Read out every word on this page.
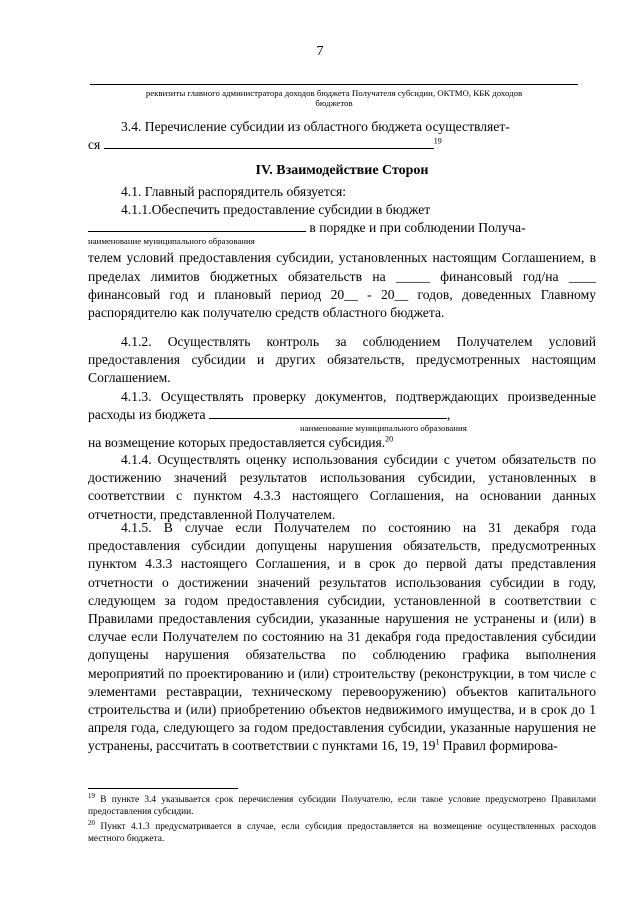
7
реквизиты главного администратора доходов бюджета Получателя субсидии, ОКТМО, КБК доходов
бюджетов

3.4. Перечисление субсидии из областного бюджета осуществляет-

ся	$^{19}$

IV. Взаимодействие Сторон

4.1. Главный распорядитель обязуется:

4.1.1.Обеспечить предоставление субсидии в бюджет

в порядке и при соблюдении Получа-

наименование муниципального образования

телем условий предоставления субсидии, установленных настоящим Соглашением, в пределах лимитов бюджетных обязательств на _____ финансовый год/на ____ финансовый год и плановый период 20__ - 20__ годов, доведенных Главному распорядителю как получателю средств областного бюджета.

4.1.2. Осуществлять контроль за соблюдением Получателем условий предоставления субсидии и других обязательств, предусмотренных настоящим Соглашением.

4.1.3. Осуществлять проверку документов, подтверждающих произведенные расходы из бюджета	,

наименование муниципального образования

на возмещение которых предоставляется субсидия.$^{20}$

4.1.4. Осуществлять оценку использования субсидии с учетом обязательств по достижению значений результатов использования субсидии, установленных в соответствии с пунктом 4.3.3 настоящего Соглашения, на основании данных отчетности, представленной Получателем.

4.1.5. В случае если Получателем по состоянию на 31 декабря года предоставления субсидии допущены нарушения обязательств, предусмотренных пунктом 4.3.3 настоящего Соглашения, и в срок до первой даты представления отчетности о достижении значений результатов использования субсидии в году, следующем за годом предоставления субсидии, установленной в соответствии с Правилами предоставления субсидии, указанные нарушения не устранены и (или) в случае если Получателем по состоянию на 31 декабря года предоставления субсидии допущены нарушения обязательства по соблюдению графика выполнения мероприятий по проектированию и (или) строительству (реконструкции, в том числе с элементами реставрации, техническому перевооружению) объектов капитального строительства и (или) приобретению объектов недвижимого имущества, и в срок до 1 апреля года, следующего за годом предоставления субсидии, указанные нарушения не устранены, рассчитать в соответствии с пунктами 16, 19, $19^1$ Правил формирова-

$^{19}$ В пункте 3.4 указывается срок перечисления субсидии Получателю, если такое условие предусмотрено Правилами предоставления субсидии.
$^{20}$ Пункт 4.1.3 предусматривается в случае, если субсидия предоставляется на возмещение осуществленных расходов местного бюджета.
